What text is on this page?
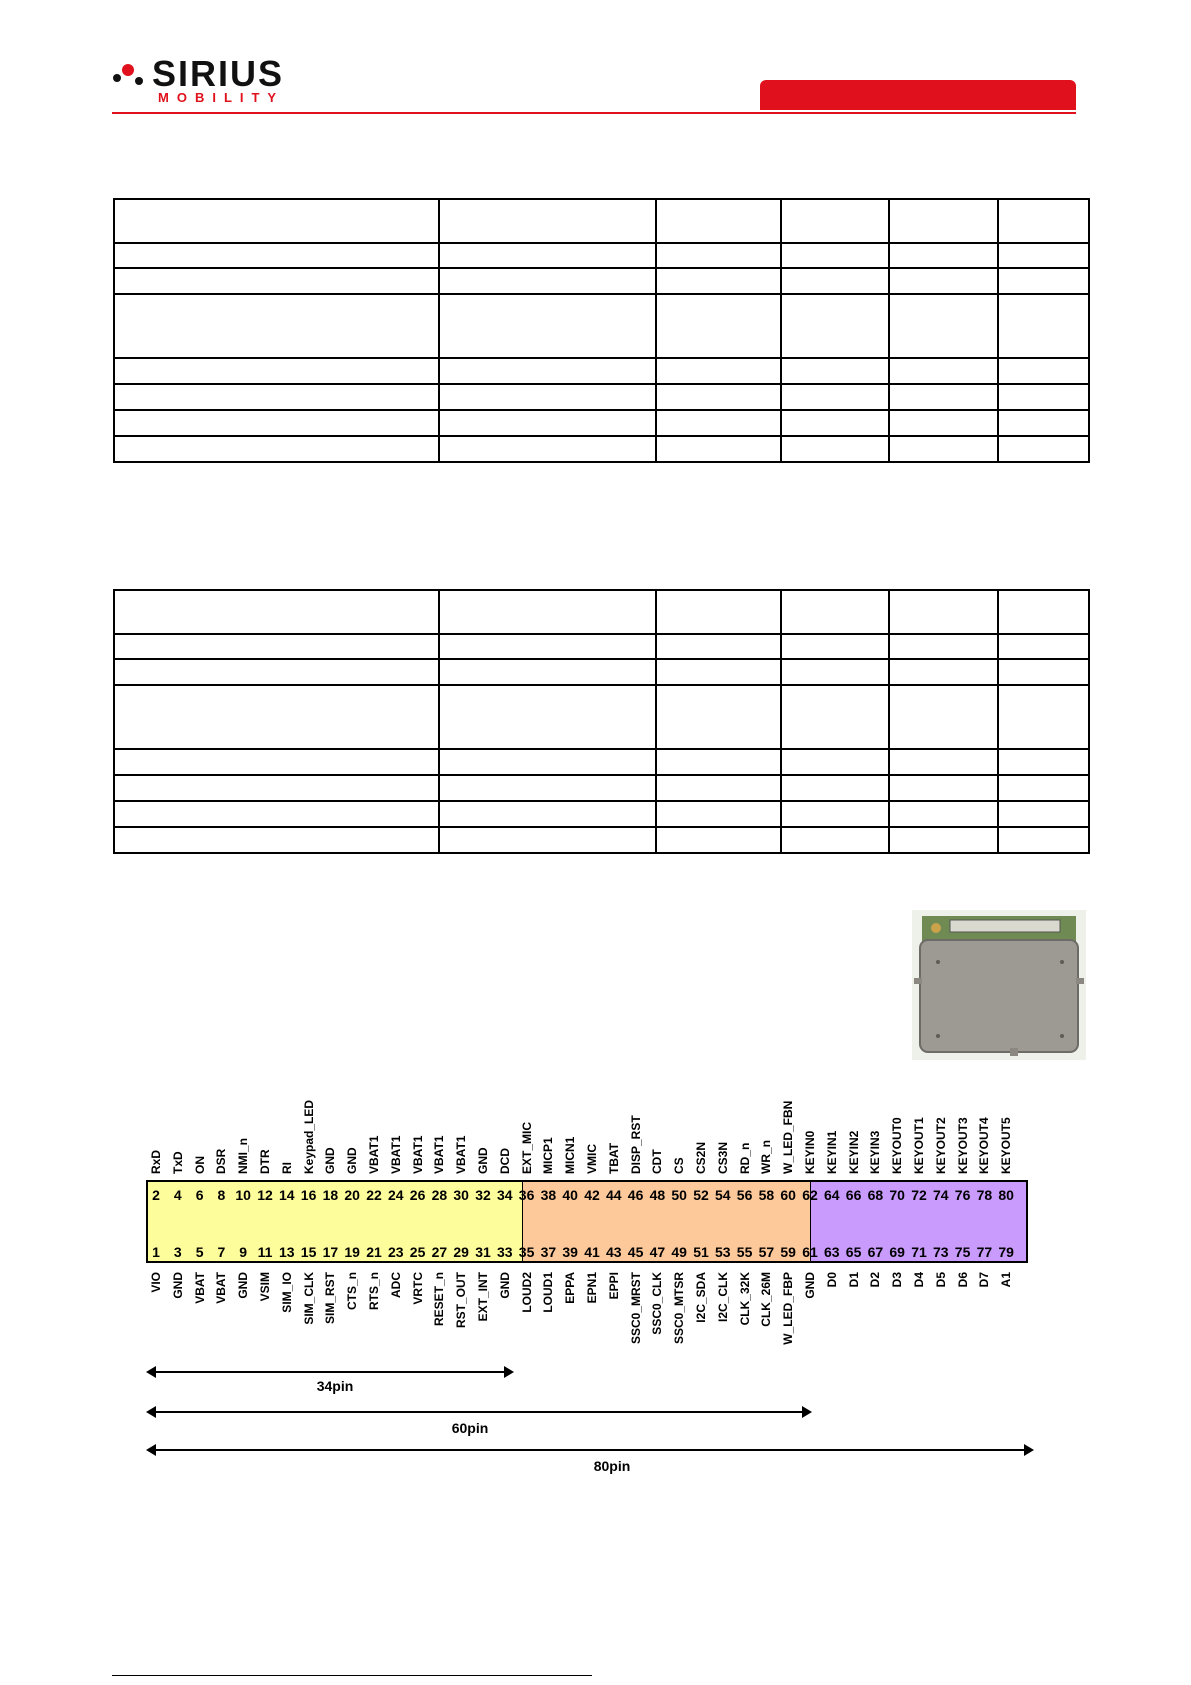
SIRIUS
MOBILITY

2 4 6 8 10 12 14 16 18 20 22 24 26 28 30 32 34 36 38 40 42 44 46 48 50 52 54 56 58 60 62 64 66 68 70 72 74 76 78 80
1 3 5 7 9 11 13 15 17 19 21 23 25 27 29 31 33 35 37 39 41 43 45 47 49 51 53 55 57 59 61 63 65 67 69 71 73 75 77 79
RxD TxD ON DSR NMI_n DTR RI Keypad_LED GND GND VBAT1 VBAT1 VBAT1 VBAT1 VBAT1 GND DCD EXT_MIC MICP1 MICN1 VMIC TBAT DISP_RST CDT CS CS2N CS3N RD_n WR_n W_LED_FBN KEYIN0 KEYIN1 KEYIN2 KEYIN3 KEYOUT0 KEYOUT1 KEYOUT2 KEYOUT3 KEYOUT4 KEYOUT5
VIO GND VBAT VBAT GND VSIM SIM_IO SIM_CLK SIM_RST CTS_n RTS_n ADC VRTC RESET_n RST_OUT EXT_INT GND LOUD2 LOUD1 EPPA EPN1 EPPI SSC0_MRST SSC0_CLK SSC0_MTSR I2C_SDA I2C_CLK CLK_32K CLK_26M W_LED_FBP GND D0 D1 D2 D3 D4 D5 D6 D7 A1
34pin
60pin
80pin
